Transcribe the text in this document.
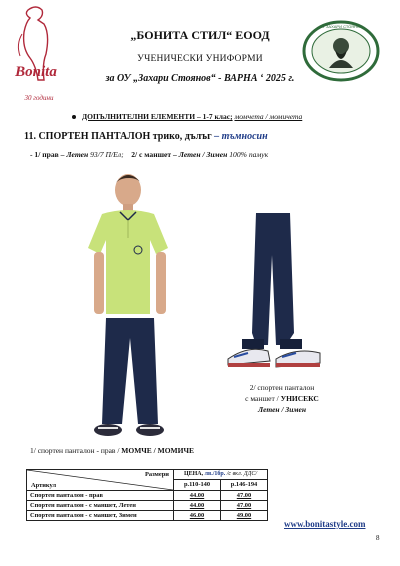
Bonita
30 години
ОУ ЗАХАРИ СТОЯНОВ
„БОНИТА СТИЛ“ ЕООД
УЧЕНИЧЕСКИ УНИФОРМИ
за ОУ „Захари Стоянов“ - ВАРНА ‘ 2025 г.
ДОПЪЛНИТЕЛНИ ЕЛЕМЕНТИ – 1-7 клас; момчета / момичета
11. СПОРТЕН ПАНТАЛОН трико, дълъг – тъмносин
- 1/ прав – Летен 93/7 П/Ел; 2/ с маншет – Летен / Зимен 100% памук
2/ спортен панталон
с маншет / УНИСЕКС
Летен / Зимен
1/ спортен панталон - прав / МОМЧЕ / МОМИЧЕ
Размери
Артикул	ЦЕНА, лв./1бр. /с вкл. ДДС/	
	р.110-140	р.146-194
Спортен панталон - прав	44.00	47.00
Спортен панталон - с маншет, Летен	44.00	47.00
Спортен панталон - с маншет, Зимен	46.00	49.00
www.bonitastyle.com
8
